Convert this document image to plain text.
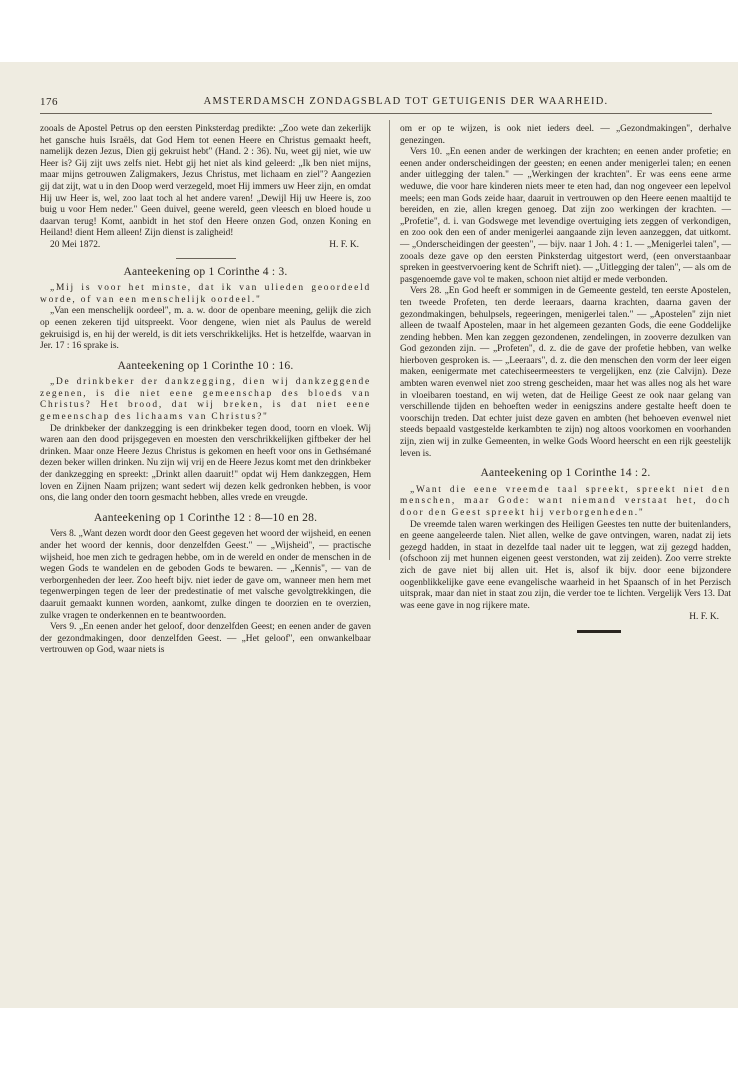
176	AMSTERDAMSCH ZONDAGSBLAD TOT GETUIGENIS DER WAARHEID.

zooals de Apostel Petrus op den eersten Pinksterdag predikte: „Zoo wete dan zekerlijk het gansche huis Israëls, dat God Hem tot eenen Heere en Christus gemaakt heeft, namelijk dezen Jezus, Dien gij gekruist hebt" (Hand. 2 : 36). Nu, weet gij niet, wie uw Heer is? Gij zijt uws zelfs niet. Hebt gij het niet als kind geleerd: „Ik ben niet mijns, maar mijns getrouwen Zaligmakers, Jezus Christus, met lichaam en ziel"? Aangezien gij dat zijt, wat u in den Doop werd verzegeld, moet Hij immers uw Heer zijn, en omdat Hij uw Heer is, wel, zoo laat toch al het andere varen! „Dewijl Hij uw Heere is, zoo buig u voor Hem neder." Geen duivel, geene wereld, geen vleesch en bloed houde u daarvan terug! Komt, aanbidt in het stof den Heere onzen God, onzen Koning en Heiland! dient Hem alleen! Zijn dienst is zaligheid!

20 Mei 1872.	H. F. K.
Aanteekening op 1 Corinthe 4 : 3.

„Mij is voor het minste, dat ik van ulieden geoordeeld worde, of van een menschelijk oordeel."

„Van een menschelijk oordeel", m. a. w. door de openbare meening, gelijk die zich op eenen zekeren tijd uitspreekt. Voor dengene, wien niet als Paulus de wereld gekruisigd is, en hij der wereld, is dit iets verschrikkelijks. Het is hetzelfde, waarvan in Jer. 17 : 16 sprake is.

Aanteekening op 1 Corinthe 10 : 16.

„De drinkbeker der dankzegging, dien wij dankzeggende zegenen, is die niet eene gemeenschap des bloeds van Christus? Het brood, dat wij breken, is dat niet eene gemeenschap des lichaams van Christus?"

De drinkbeker der dankzegging is een drinkbeker tegen dood, toorn en vloek. Wij waren aan den dood prijsgegeven en moesten den verschrikkelijken giftbeker der hel drinken. Maar onze Heere Jezus Christus is gekomen en heeft voor ons in Gethsémané dezen beker willen drinken. Nu zijn wij vrij en de Heere Jezus komt met den drinkbeker der dankzegging en spreekt: „Drinkt allen daaruit!" opdat wij Hem dankzeggen, Hem loven en Zijnen Naam prijzen; want sedert wij dezen kelk gedronken hebben, is voor ons, die lang onder den toorn gesmacht hebben, alles vrede en vreugde.

Aanteekening op 1 Corinthe 12 : 8—10 en 28.

Vers 8. „Want dezen wordt door den Geest gegeven het woord der wijsheid, en eenen ander het woord der kennis, door denzelfden Geest." — „Wijsheid", — practische wijsheid, hoe men zich te gedragen hebbe, om in de wereld en onder de menschen in de wegen Gods te wandelen en de geboden Gods te bewaren. — „Kennis", — van de verborgenheden der leer. Zoo heeft bijv. niet ieder de gave om, wanneer men hem met tegenwerpingen tegen de leer der predestinatie of met valsche gevolgtrekkingen, die daaruit gemaakt kunnen worden, aankomt, zulke dingen te doorzien en te overzien, zulke vragen te onderkennen en te beantwoorden.

Vers 9. „En eenen ander het geloof, door denzelfden Geest; en eenen ander de gaven der gezondmakingen, door denzelfden Geest. — „Het geloof", een onwankelbaar vertrouwen op God, waar niets is

om er op te wijzen, is ook niet ieders deel. — „Gezondmakingen", derhalve genezingen.

Vers 10. „En eenen ander de werkingen der krachten; en eenen ander profetie; en eenen ander onderscheidingen der geesten; en eenen ander menigerlei talen; en eenen ander uitlegging der talen." — „Werkingen der krachten". Er was eens eene arme weduwe, die voor hare kinderen niets meer te eten had, dan nog ongeveer een lepelvol meels; een man Gods zeide haar, daaruit in vertrouwen op den Heere eenen maaltijd te bereiden, en zie, allen kregen genoeg. Dat zijn zoo werkingen der krachten. — „Profetie", d. i. van Godswege met levendige overtuiging iets zeggen of verkondigen, en zoo ook den een of ander menigerlei aangaande zijn leven aanzeggen, dat uitkomt. — „Onderscheidingen der geesten", — bijv. naar 1 Joh. 4 : 1. — „Menigerlei talen", — zooals deze gave op den eersten Pinksterdag uitgestort werd, (een onverstaanbaar spreken in geestvervoering kent de Schrift niet). — „Uitlegging der talen", — als om de pasgenoemde gave vol te maken, schoon niet altijd er mede verbonden.

Vers 28. „En God heeft er sommigen in de Gemeente gesteld, ten eerste Apostelen, ten tweede Profeten, ten derde leeraars, daarna krachten, daarna gaven der gezondmakingen, behulpsels, regeeringen, menigerlei talen." — „Apostelen" zijn niet alleen de twaalf Apostelen, maar in het algemeen gezanten Gods, die eene Goddelijke zending hebben. Men kan zeggen gezondenen, zendelingen, in zooverre dezulken van God gezonden zijn. — „Profeten", d. z. die de gave der profetie hebben, van welke hierboven gesproken is. — „Leeraars", d. z. die den menschen den vorm der leer eigen maken, eenigermate met catechiseermeesters te vergelijken, enz (zie Calvijn). Deze ambten waren evenwel niet zoo streng gescheiden, maar het was alles nog als het ware in vloeibaren toestand, en wij weten, dat de Heilige Geest ze ook naar gelang van verschillende tijden en behoeften weder in eenigszins andere gestalte heeft doen te voorschijn treden. Dat echter juist deze gaven en ambten (het behoeven evenwel niet steeds bepaald vastgestelde kerkambten te zijn) nog altoos voorkomen en voorhanden zijn, zien wij in zulke Gemeenten, in welke Gods Woord heerscht en een rijk geestelijk leven is.

Aanteekening op 1 Corinthe 14 : 2.

„Want die eene vreemde taal spreekt, spreekt niet den menschen, maar Gode: want niemand verstaat het, doch door den Geest spreekt hij verborgenheden."

De vreemde talen waren werkingen des Heiligen Geestes ten nutte der buitenlanders, en geene aangeleerde talen. Niet allen, welke de gave ontvingen, waren, nadat zij iets gezegd hadden, in staat in dezelfde taal nader uit te leggen, wat zij gezegd hadden, (ofschoon zij met hunnen eigenen geest verstonden, wat zij zeiden). Zoo verre strekte zich de gave niet bij allen uit. Het is, alsof ik bijv. door eene bijzondere oogenblikkelijke gave eene evangelische waarheid in het Spaansch of in het Perzisch uitsprak, maar dan niet in staat zou zijn, die verder toe te lichten. Vergelijk Vers 13. Dat was eene gave in nog rijkere mate.

H. F. K.
